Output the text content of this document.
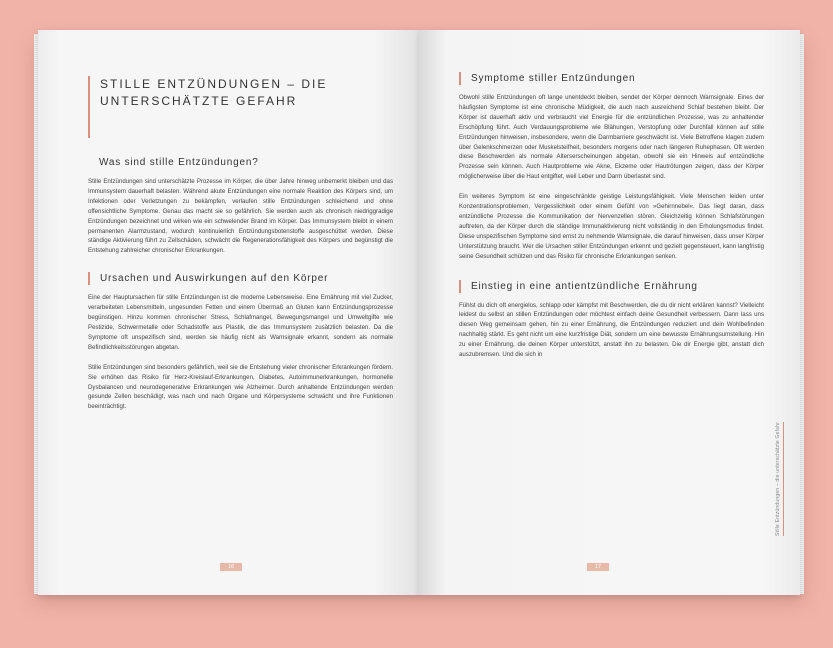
STILLE ENTZÜNDUNGEN – DIE
UNTERSCHÄTZTE GEFAHR
Was sind stille Entzündungen?

Stille Entzündungen sind unterschätzte Prozesse im Körper, die über Jahre hinweg unbemerkt bleiben und das Immunsystem dauerhaft belasten. Während akute Entzündungen eine normale Reaktion des Körpers sind, um Infektionen oder Verletzungen zu bekämpfen, verlaufen stille Entzündungen schleichend und ohne offensichtliche Symptome. Genau das macht sie so gefährlich. Sie werden auch als chronisch niedriggradige Entzündungen bezeichnet und wirken wie ein schwelender Brand im Körper. Das Immunsystem bleibt in einem permanenten Alarmzustand, wodurch kontinuierlich Entzündungsbotenstoffe ausgeschüttet werden. Diese ständige Aktivierung führt zu Zellschäden, schwächt die Regenerationsfähigkeit des Körpers und begünstigt die Entstehung zahlreicher chronischer Erkrankungen.

Ursachen und Auswirkungen auf den Körper

Eine der Hauptursachen für stille Entzündungen ist die moderne Lebensweise. Eine Ernährung mit viel Zucker, verarbeiteten Lebensmitteln, ungesunden Fetten und einem Übermaß an Gluten kann Entzündungsprozesse begünstigen. Hinzu kommen chronischer Stress, Schlafmangel, Bewegungsmangel und Umweltgifte wie Pestizide, Schwermetalle oder Schadstoffe aus Plastik, die das Immunsystem zusätzlich belasten. Da die Symptome oft unspezifisch sind, werden sie häufig nicht als Warnsignale erkannt, sondern als normale Befindlichkeitsstörungen abgetan.

Stille Entzündungen sind besonders gefährlich, weil sie die Entstehung vieler chronischer Erkrankungen fördern. Sie erhöhen das Risiko für Herz-Kreislauf-Erkrankungen, Diabetes, Autoimmunerkrankungen, hormonelle Dysbalancen und neurodegenerative Erkrankungen wie Alzheimer. Durch anhaltende Entzündungen werden gesunde Zellen beschädigt, was nach und nach Organe und Körpersysteme schwächt und ihre Funktionen beeinträchtigt.

16
Symptome stiller Entzündungen

Obwohl stille Entzündungen oft lange unentdeckt bleiben, sendet der Körper dennoch Warnsignale. Eines der häufigsten Symptome ist eine chronische Müdigkeit, die auch nach ausreichend Schlaf bestehen bleibt. Der Körper ist dauerhaft aktiv und verbraucht viel Energie für die entzündlichen Prozesse, was zu anhaltender Erschöpfung führt. Auch Verdauungsprobleme wie Blähungen, Verstopfung oder Durchfall können auf stille Entzündungen hinweisen, insbesondere, wenn die Darmbarriere geschwächt ist. Viele Betroffene klagen zudem über Gelenkschmerzen oder Muskelsteifheit, besonders morgens oder nach längeren Ruhephasen. Oft werden diese Beschwerden als normale Alterserscheinungen abgetan, obwohl sie ein Hinweis auf entzündliche Prozesse sein können. Auch Hautprobleme wie Akne, Ekzeme oder Hautrötungen zeigen, dass der Körper möglicherweise über die Haut entgiftet, weil Leber und Darm überlastet sind.

Ein weiteres Symptom ist eine eingeschränkte geistige Leistungsfähigkeit. Viele Menschen leiden unter Konzentrationsproblemen, Vergesslichkeit oder einem Gefühl von »Gehirnnebel«. Das liegt daran, dass entzündliche Prozesse die Kommunikation der Nervenzellen stören. Gleichzeitig können Schlafstörungen auftreten, da der Körper durch die ständige Immunaktivierung nicht vollständig in den Erholungsmodus findet. Diese unspezifischen Symptome sind ernst zu nehmende Warnsignale, die darauf hinweisen, dass unser Körper Unterstützung braucht. Wer die Ursachen stiller Entzündungen erkennt und gezielt gegensteuert, kann langfristig seine Gesundheit schützen und das Risiko für chronische Erkrankungen senken.

Einstieg in eine antientzündliche Ernährung

Fühlst du dich oft energielos, schlapp oder kämpfst mit Beschwerden, die du dir nicht erklären kannst? Vielleicht leidest du selbst an stillen Entzündungen oder möchtest einfach deine Gesundheit verbessern. Dann lass uns diesen Weg gemeinsam gehen, hin zu einer Ernährung, die Entzündungen reduziert und dein Wohlbefinden nachhaltig stärkt. Es geht nicht um eine kurzfristige Diät, sondern um eine bewusste Ernährungsumstellung. Hin zu einer Ernährung, die deinen Körper unterstützt, anstatt ihn zu belasten. Die dir Energie gibt, anstatt dich auszubremsen. Und die sich in

Stille Entzündungen – die unterschätzte Gefahr
17
